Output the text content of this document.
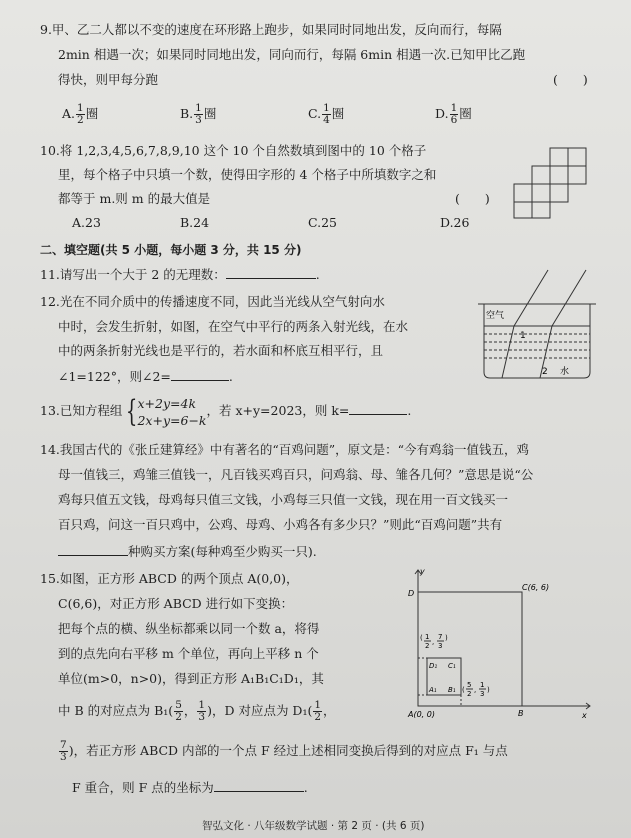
9.甲、乙二人都以不变的速度在环形路上跑步，如果同时同地出发，反向而行，每隔
2min 相遇一次；如果同时同地出发，同向而行，每隔 6min 相遇一次.已知甲比乙跑
得快，则甲每分跑	(　　)
A. $\frac{1}{2}$ 圈	B. $\frac{1}{3}$ 圈	C. $\frac{1}{4}$ 圈	D. $\frac{1}{6}$ 圈
10.将 1,2,3,4,5,6,7,8,9,10 这个 10 个自然数填到图中的 10 个格子
里，每个格子中只填一个数，使得田字形的 4 个格子中所填数字之和
都等于 m.则 m 的最大值是	(　　)
A.23	B.24	C.25	D.26
二、填空题(共 5 小题，每小题 3 分，共 15 分)
11.请写出一个大于 2 的无理数：	.
12.光在不同介质中的传播速度不同，因此当光线从空气射向水
中时，会发生折射，如图，在空气中平行的两条入射光线，在水
中的两条折射光线也是平行的，若水面和杯底互相平行，且
∠1=122°，则∠2=	.
空气
1
2 水
13.已知方程组 { x+2y=4k
2x+y=6−k
，若 x+y=2023，则 k=	.
14.我国古代的《张丘建算经》中有著名的“百鸡问题”，原文是：“今有鸡翁一值钱五，鸡
母一值钱三，鸡雏三值钱一，凡百钱买鸡百只，问鸡翁、母、雏各几何？”意思是说“公
鸡每只值五文钱，母鸡每只值三文钱，小鸡每三只值一文钱，现在用一百文钱买一
百只鸡，问这一百只鸡中，公鸡、母鸡、小鸡各有多少只？”则此“百鸡问题”共有
种购买方案(每种鸡至少购买一只).
15.如图，正方形 ABCD 的两个顶点 A(0,0)，
C(6,6)，对正方形 ABCD 进行如下变换：
把每个点的横、纵坐标都乘以同一个数 a，将得
到的点先向右平移 m 个单位，再向上平移 n 个
单位(m>0，n>0)，得到正方形 A₁B₁C₁D₁，其
中 B 的对应点为 $B_1( \frac{5}{2}$ ， $\frac{1}{3}$ )，D 对应点为 $D_1( \frac{1}{2}$ ，
$\frac{7}{3}$ )，若正方形 ABCD 内部的一个点 F 经过上述相同变换后得到的对应点 F₁ 与点
F 重合，则 F 点的坐标为	.
y
x
D
C(6, 6)
A(0, 0)	B
D₁ C₁
A₁ B₁
( 1
2 ,
7
3
)
(
5
2 ,
1
3 )
智弘文化 · 八年级数学试题 · 第 2 页 · (共 6 页)
